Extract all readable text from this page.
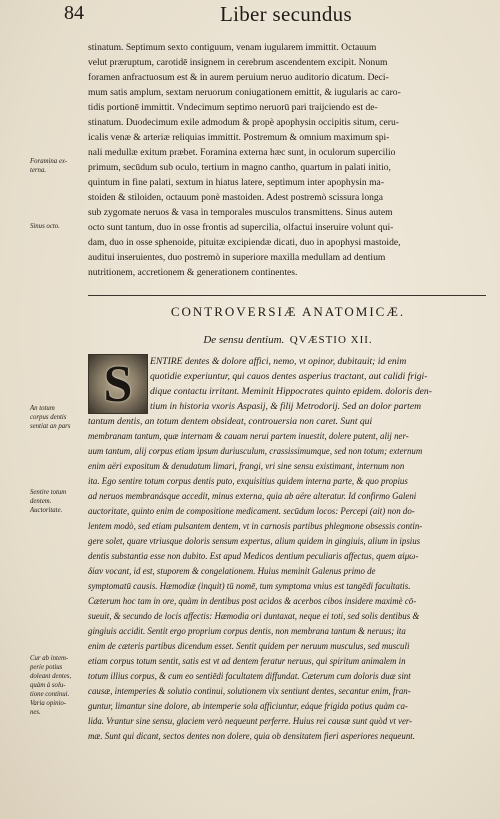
84	Liber secundus
stinatum. Septimum sexto contiguum, venam iugularem immittit. Octauum
velut præruptum, carotidē insignem in cerebrum ascendentem excipit. Nonum
foramen anfractuosum est & in aurem peruium neruo auditorio dicatum. Deci-
mum satis amplum, sextam neruorum coniugationem emittit, & iugularis ac caro-
tidis portionē immittit. Vndecimum septimo neruorū pari traijciendo est de-
stinatum. Duodecimum exile admodum & propè apophysin occipitis situm, ceru-
icalis venæ & arteriæ reliquias immittit. Postremum & omnium maximum spi-
nali medullæ exitum præbet. Foramina externa hæc sunt, in oculorum supercilio
primum, secūdum sub oculo, tertium in magno cantho, quartum in palati initio,
quintum in fine palati, sextum in hiatus latere, septimum inter apophysin ma-
stoiden & stiloiden, octauum ponè mastoiden. Adest postremò scissura longa
sub zygomate neruos & vasa in temporales musculos transmittens. Sinus autem
octo sunt tantum, duo in osse frontis ad supercilia, olfactui inseruire volunt qui-
dam, duo in osse sphenoide, pituitæ excipiendæ dicati, duo in apophysi mastoide,
auditui inseruientes, duo postremò in superiore maxilla medullam ad dentium
nutritionem, accretionem & generationem continentes.
Foramina ex-
terna.
Sinus octo.
CONTROVERSIÆ ANATOMICÆ.
De sensu dentium. QVÆSTIO XII.
S ENTIRE dentes & dolore affici, nemo, vt opinor, dubitauit; id enim
quotidie experiuntur, qui cauos dentes asperius tractant, aut calidi frigi-
dique contactu irritant. Meminit Hippocrates quinto epidem. doloris den-
tium in historia vxoris Aspasij, & filij Metrodorij. Sed an dolor partem
tantum dentis, an totum dentem obsideat, controuersia non caret. Sunt qui
membranam tantum, quæ internam & cauam nerui partem inuestit, dolere putent, alij ner-
uum tantum, alij corpus etiam ipsum duriusculum, crassissimumque, sed non totum; externum
enim aëri expositum & denudatum limari, frangi, vri sine sensu existimant, internum non
ita. Ego sentire totum corpus dentis puto, exquisitius quidem interna parte, & quo propius
ad neruos membranásque accedit, minus externa, quia ab aëre alteratur. Id confirmo Galeni
auctoritate, quinto enim de compositione medicament. secūdum locos: Percepi (ait) non do-
lentem modò, sed etiam pulsantem dentem, vt in carnosis partibus phlegmone obsessis contin-
gere solet, quare vtriusque doloris sensum expertus, alium quidem in gingiuis, alium in ipsius
dentis substantia esse non dubito. Est apud Medicos dentium peculiaris affectus, quem αἱμω-
δίαν vocant, id est, stuporem & congelationem. Huius meminit Galenus primo de
symptomatū causis. Hæmodiæ (inquit) tū nomē, tum symptoma vnius est tangēdi facultatis.
Cæterum hoc tam in ore, quàm in dentibus post acidos & acerbos cibos insidere maximè cō-
sueuit, & secundo de locis affectis: Hæmodia ori duntaxat, neque ei toti, sed solis dentibus &
gingiuis accidit. Sentit ergo proprium corpus dentis, non membrana tantum & neruus; ita
enim de cæteris partibus dicendum esset. Sentit quidem per neruum musculus, sed musculi
etiam corpus totum sentit, satis est vt ad dentem feratur neruus, qui spiritum animalem in
totum illius corpus, & cum eo sentiēdi facultatem diffundat. Cæterum cum doloris duæ sint
causæ, intemperies & solutio continui, solutionem vix sentiunt dentes, secantur enim, fran-
guntur, limantur sine dolore, ab intemperie sola afficiuntur, eáque frigida potius quàm ca-
lida. Vrantur sine sensu, glaciem verò nequeunt perferre. Huius rei causæ sunt quòd vt ver-
mæ. Sunt qui dicant, sectos dentes non dolere, quia ob densitatem fieri asperiores nequeunt.
An totum
corpus dentis
sentiat an pars
Sentire totum
dentem.
Auctoritate.
Cur ab intem-
perie potius
doleant dentes,
quàm à solu-
tione continui.
Varia opinio-
nes.
